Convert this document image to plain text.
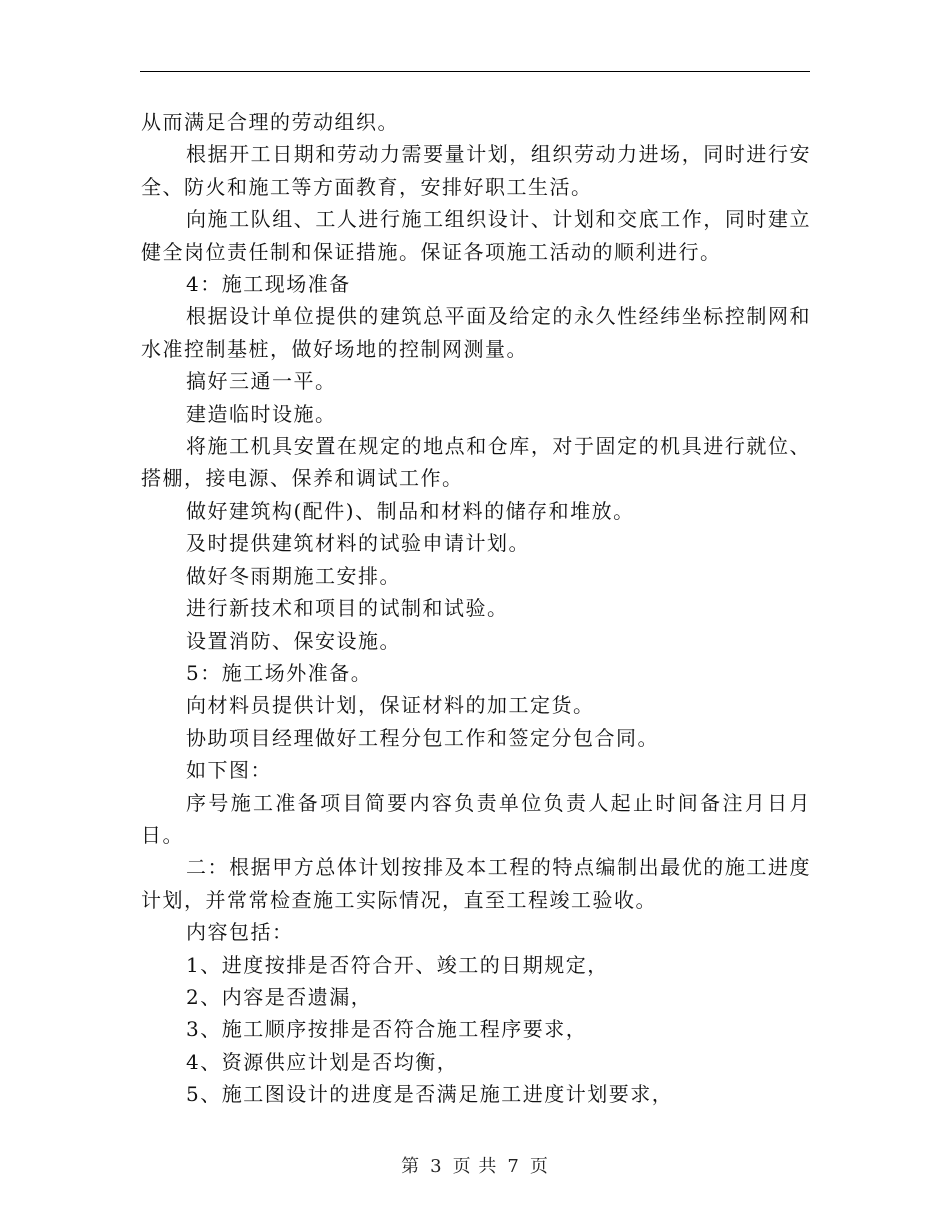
从而满足合理的劳动组织。

根据开工日期和劳动力需要量计划，组织劳动力进场，同时进行安全、防火和施工等方面教育，安排好职工生活。

向施工队组、工人进行施工组织设计、计划和交底工作，同时建立健全岗位责任制和保证措施。保证各项施工活动的顺利进行。

4：施工现场准备

根据设计单位提供的建筑总平面及给定的永久性经纬坐标控制网和水准控制基桩，做好场地的控制网测量。

搞好三通一平。

建造临时设施。

将施工机具安置在规定的地点和仓库，对于固定的机具进行就位、搭棚，接电源、保养和调试工作。

做好建筑构(配件)、制品和材料的储存和堆放。

及时提供建筑材料的试验申请计划。

做好冬雨期施工安排。

进行新技术和项目的试制和试验。

设置消防、保安设施。

5：施工场外准备。

向材料员提供计划，保证材料的加工定货。

协助项目经理做好工程分包工作和签定分包合同。

如下图：

序号施工准备项目简要内容负责单位负责人起止时间备注月日月日。

二：根据甲方总体计划按排及本工程的特点编制出最优的施工进度计划，并常常检查施工实际情况，直至工程竣工验收。

内容包括：

1、进度按排是否符合开、竣工的日期规定，

2、内容是否遗漏，

3、施工顺序按排是否符合施工程序要求，

4、资源供应计划是否均衡，

5、施工图设计的进度是否满足施工进度计划要求，

第 3 页 共 7 页
